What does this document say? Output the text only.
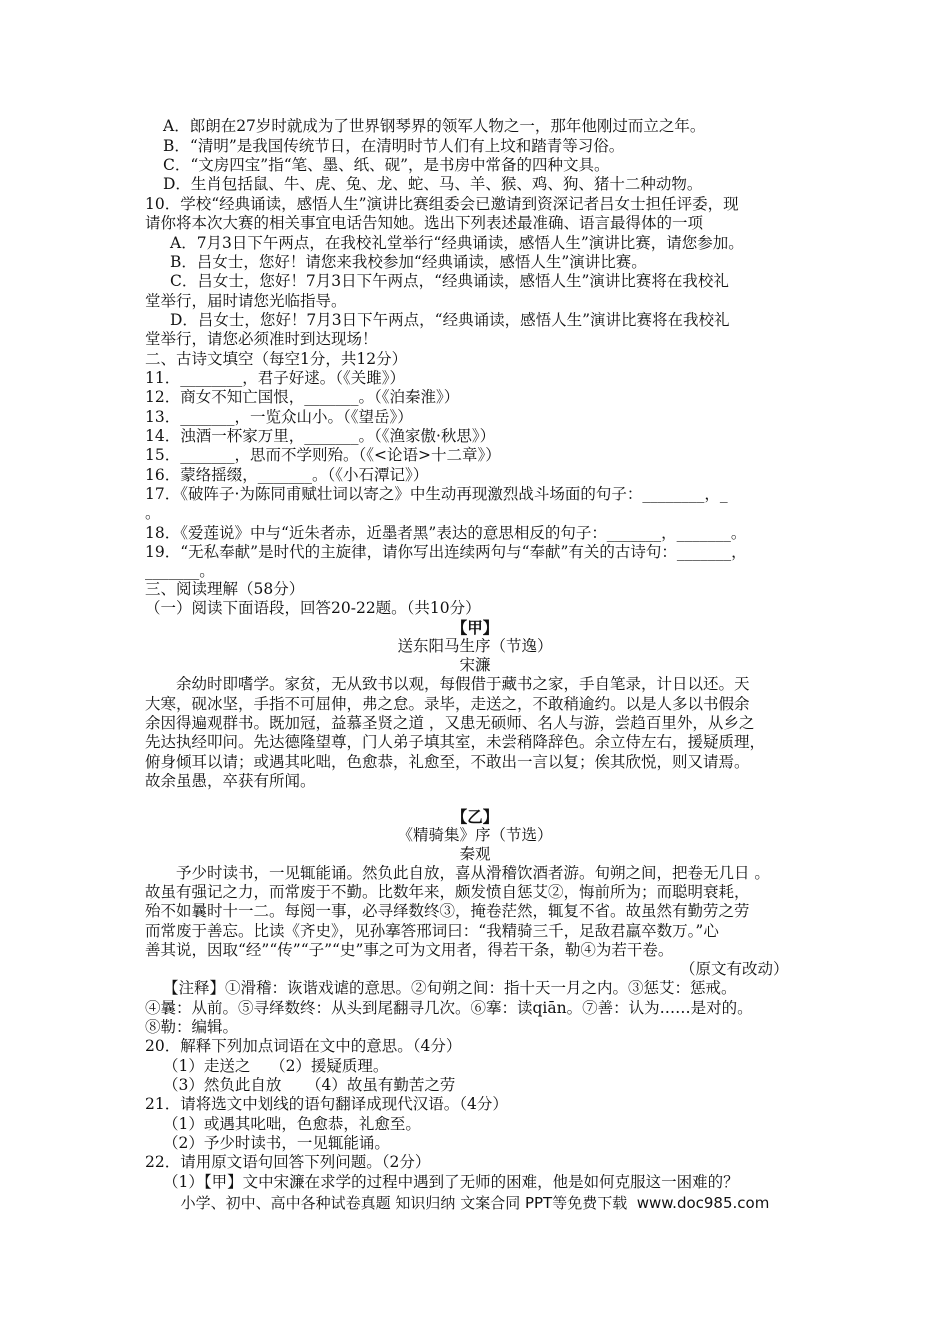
A．郎朗在27岁时就成为了世界钢琴界的领军人物之一，那年他刚过而立之年。
B．“清明”是我国传统节日，在清明时节人们有上坟和踏青等习俗。
C．“文房四宝”指“笔、墨、纸、砚”，是书房中常备的四种文具。
D．生肖包括鼠、牛、虎、兔、龙、蛇、马、羊、猴、鸡、狗、猪十二种动物。
10．学校“经典诵读，感悟人生”演讲比赛组委会已邀请到资深记者吕女士担任评委，现
请你将本次大赛的相关事宜电话告知她。选出下列表述最准确、语言最得体的一项
A．7月3日下午两点，在我校礼堂举行“经典诵读，感悟人生”演讲比赛，请您参加。
B．吕女士，您好！请您来我校参加“经典诵读，感悟人生”演讲比赛。
C．吕女士，您好！7月3日下午两点，“经典诵读，感悟人生”演讲比赛将在我校礼
堂举行，届时请您光临指导。
D．吕女士，您好！7月3日下午两点，“经典诵读，感悟人生”演讲比赛将在我校礼
堂举行，请您必须准时到达现场！
二、古诗文填空（每空1分，共12分）
11．________，君子好逑。（《关雎》）
12．商女不知亡国恨，_______。（《泊秦淮》）
13．_______，一览众山小。（《望岳》）
14．浊酒一杯家万里，_______。（《渔家傲·秋思》）
15．_______，思而不学则殆。（《<论语>十二章》）
16．蒙络摇缀，_______。（《小石潭记》）
17．《破阵子·为陈同甫赋壮词以寄之》中生动再现激烈战斗场面的句子：________，_
。
18．《爱莲说》中与“近朱者赤，近墨者黑”表达的意思相反的句子：_______，_______。
19．“无私奉献”是时代的主旋律，请你写出连续两句与“奉献”有关的古诗句：_______，
_______。
三、阅读理解（58分）
（一）阅读下面语段，回答20-22题。（共10分）
【甲】
送东阳马生序（节逸）
宋濂
余幼时即嗜学。家贫，无从致书以观，每假借于藏书之家，手自笔录，计日以还。天
大寒，砚冰坚，手指不可屈伸，弗之怠。录毕，走送之，不敢稍逾约。以是人多以书假余
余因得遍观群书。既加冠，益慕圣贤之道 ，又患无硕师、名人与游，尝趋百里外，从乡之
先达执经叩问。先达德隆望尊，门人弟子填其室，未尝稍降辞色。余立侍左右，援疑质理，
俯身倾耳以请；或遇其叱咄，色愈恭，礼愈至，不敢出一言以复；俟其欣悦，则又请焉。
故余虽愚，卒获有所闻。
【乙】
《精骑集》序（节选）
秦观
予少时读书，一见辄能诵。然负此自放，喜从滑稽饮酒者游。旬朔之间，把卷无几日 。
故虽有强记之力，而常废于不勤。比数年来，颇发愤自惩艾②，悔前所为；而聪明衰耗，
殆不如曩时十一二。每阅一事，必寻绎数终③，掩卷茫然，辄复不省。故虽然有勤劳之劳
而常废于善忘。比读《齐史》，见孙搴答邢词曰：“我精骑三千，足敌君羸卒数万。”心
善其说，因取“经”“传”“子”“史”事之可为文用者，得若干条，勒④为若干卷。
（原文有改动）
【注释】①滑稽：诙谐戏谑的意思。②旬朔之间：指十天一月之内。③惩艾：惩戒。
④曩：从前。⑤寻绎数终：从头到尾翻寻几次。⑥搴：读qiān。⑦善：认为……是对的。
⑧勒：编辑。
20．解释下列加点词语在文中的意思。（4分）
（1）走送之    （2）援疑质理。
（3）然负此自放     （4）故虽有勤苦之劳
21．请将选文中划线的语句翻译成现代汉语。（4分）
（1）或遇其叱咄，色愈恭，礼愈至。
（2）予少时读书，一见辄能诵。
22．请用原文语句回答下列问题。（2分）
（1）【甲】文中宋濂在求学的过程中遇到了无师的困难，他是如何克服这一困难的？
小学、初中、高中各种试卷真题 知识归纳 文案合同 PPT等免费下载  www.doc985.com
